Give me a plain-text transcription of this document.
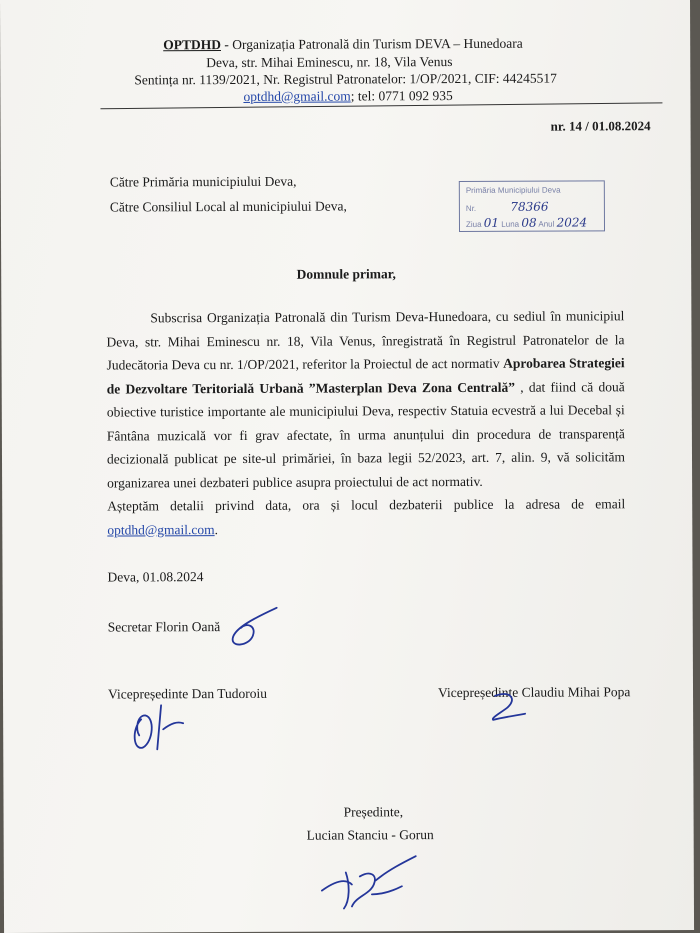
OPTDHD - Organizația Patronală din Turism DEVA – Hunedoara
Deva, str. Mihai Eminescu, nr. 18, Vila Venus
Sentința nr. 1139/2021, Nr. Registrul Patronatelor: 1/OP/2021, CIF: 44245517
optdhd@gmail.com; tel: 0771 092 935
nr. 14 / 01.08.2024
Către Primăria municipiului Deva,
Către Consiliul Local al municipiului Deva,
Primăria Municipiului Deva
Nr.	78366
Ziua 01 Luna 08 Anul 2024
Domnule primar,

Subscrisa Organizația Patronală din Turism Deva-Hunedoara, cu sediul în municipiul Deva, str. Mihai Eminescu nr. 18, Vila Venus, înregistrată în Registrul Patronatelor de la Judecătoria Deva cu nr. 1/OP/2021, referitor la Proiectul de act normativ Aprobarea Strategiei de Dezvoltare Teritorială Urbană ”Masterplan Deva Zona Centrală” , dat fiind că două obiective turistice importante ale municipiului Deva, respectiv Statuia ecvestră a lui Decebal și Fântâna muzicală vor fi grav afectate, în urma anunțului din procedura de transparență decizională publicat pe site-ul primăriei, în baza legii 52/2023, art. 7, alin. 9, vă solicităm organizarea unei dezbateri publice asupra proiectului de act normativ.

Așteptăm detalii privind data, ora și locul dezbaterii publice la adresa de email optdhd@gmail.com.

Deva, 01.08.2024
Secretar Florin Oană
Vicepreședinte Dan Tudoroiu	Vicepreședinte Claudiu Mihai Popa
Președinte,
Lucian Stanciu - Gorun
